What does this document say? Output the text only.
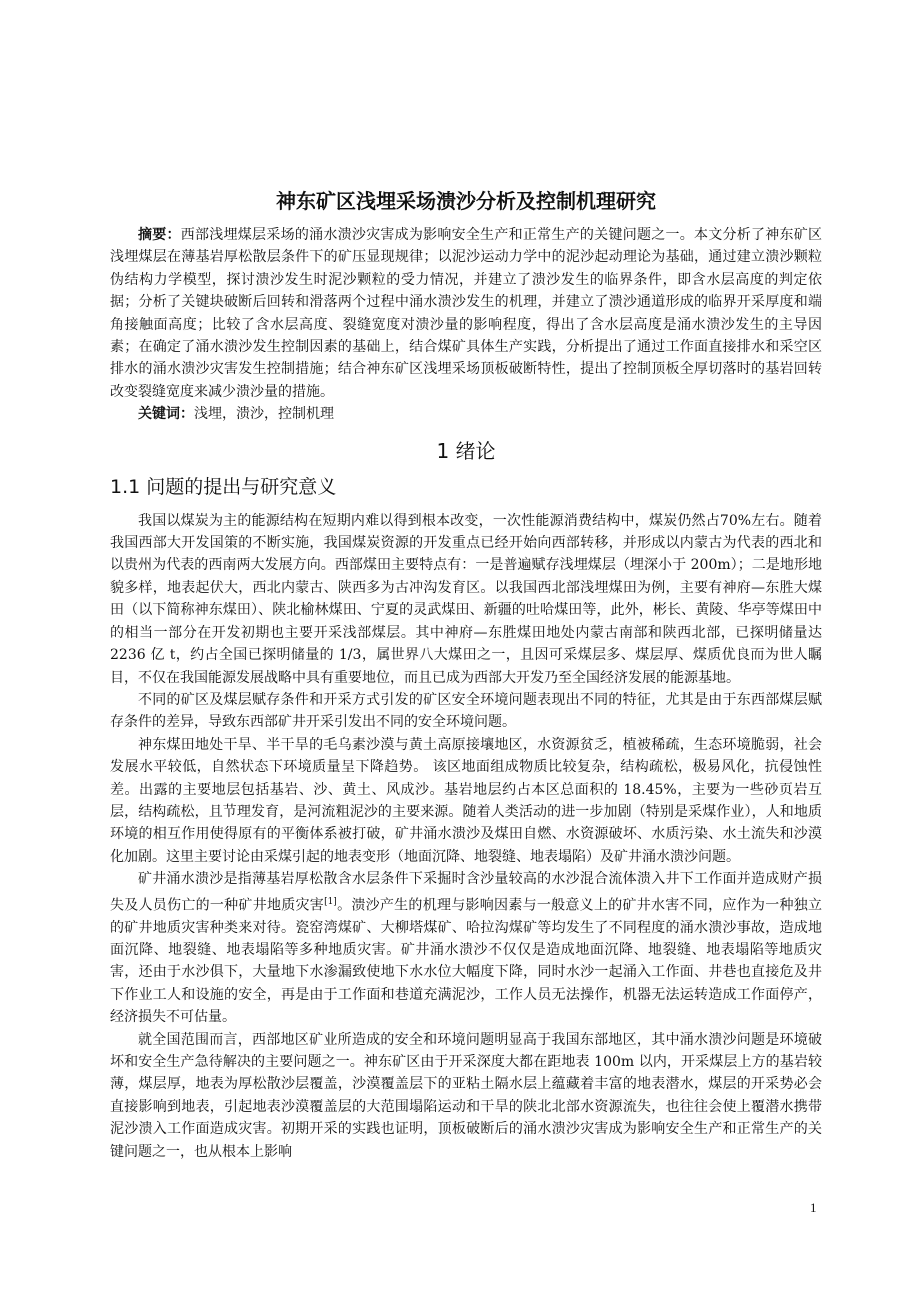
神东矿区浅埋采场溃沙分析及控制机理研究

摘要：西部浅埋煤层采场的涌水溃沙灾害成为影响安全生产和正常生产的关键问题之一。本文分析了神东矿区浅埋煤层在薄基岩厚松散层条件下的矿压显现规律；以泥沙运动力学中的泥沙起动理论为基础，通过建立溃沙颗粒伪结构力学模型，探讨溃沙发生时泥沙颗粒的受力情况，并建立了溃沙发生的临界条件，即含水层高度的判定依据；分析了关键块破断后回转和滑落两个过程中涌水溃沙发生的机理，并建立了溃沙通道形成的临界开采厚度和端角接触面高度；比较了含水层高度、裂缝宽度对溃沙量的影响程度，得出了含水层高度是涌水溃沙发生的主导因素；在确定了涌水溃沙发生控制因素的基础上，结合煤矿具体生产实践，分析提出了通过工作面直接排水和采空区排水的涌水溃沙灾害发生控制措施；结合神东矿区浅埋采场顶板破断特性，提出了控制顶板全厚切落时的基岩回转改变裂缝宽度来减少溃沙量的措施。

关键词：浅埋，溃沙，控制机理

1 绪论
1.1 问题的提出与研究意义

我国以煤炭为主的能源结构在短期内难以得到根本改变，一次性能源消费结构中，煤炭仍然占70%左右。随着我国西部大开发国策的不断实施，我国煤炭资源的开发重点已经开始向西部转移，并形成以内蒙古为代表的西北和以贵州为代表的西南两大发展方向。西部煤田主要特点有：一是普遍赋存浅埋煤层（埋深小于 200m）；二是地形地貌多样，地表起伏大，西北内蒙古、陕西多为古冲沟发育区。以我国西北部浅埋煤田为例，主要有神府—东胜大煤田（以下简称神东煤田）、陕北榆林煤田、宁夏的灵武煤田、新疆的吐哈煤田等，此外，彬长、黄陵、华亭等煤田中的相当一部分在开发初期也主要开采浅部煤层。其中神府—东胜煤田地处内蒙古南部和陕西北部，已探明储量达 2236 亿 t，约占全国已探明储量的 1/3，属世界八大煤田之一，且因可采煤层多、煤层厚、煤质优良而为世人瞩目，不仅在我国能源发展战略中具有重要地位，而且已成为西部大开发乃至全国经济发展的能源基地。

不同的矿区及煤层赋存条件和开采方式引发的矿区安全环境问题表现出不同的特征，尤其是由于东西部煤层赋存条件的差异，导致东西部矿井开采引发出不同的安全环境问题。

神东煤田地处干旱、半干旱的毛乌素沙漠与黄土高原接壤地区，水资源贫乏，植被稀疏，生态环境脆弱，社会发展水平较低，自然状态下环境质量呈下降趋势。 该区地面组成物质比较复杂，结构疏松，极易风化，抗侵蚀性差。出露的主要地层包括基岩、沙、黄土、风成沙。基岩地层约占本区总面积的 18.45%，主要为一些砂页岩互层，结构疏松，且节理发育，是河流粗泥沙的主要来源。随着人类活动的进一步加剧（特别是采煤作业），人和地质环境的相互作用使得原有的平衡体系被打破，矿井涌水溃沙及煤田自燃、水资源破坏、水质污染、水土流失和沙漠化加剧。这里主要讨论由采煤引起的地表变形（地面沉降、地裂缝、地表塌陷）及矿井涌水溃沙问题。

矿井涌水溃沙是指薄基岩厚松散含水层条件下采掘时含沙量较高的水沙混合流体溃入井下工作面并造成财产损失及人员伤亡的一种矿井地质灾害[1]。溃沙产生的机理与影响因素与一般意义上的矿井水害不同，应作为一种独立的矿井地质灾害种类来对待。瓷窑湾煤矿、大柳塔煤矿、哈拉沟煤矿等均发生了不同程度的涌水溃沙事故，造成地面沉降、地裂缝、地表塌陷等多种地质灾害。矿井涌水溃沙不仅仅是造成地面沉降、地裂缝、地表塌陷等地质灾害，还由于水沙俱下，大量地下水渗漏致使地下水水位大幅度下降，同时水沙一起涌入工作面、井巷也直接危及井下作业工人和设施的安全，再是由于工作面和巷道充满泥沙，工作人员无法操作，机器无法运转造成工作面停产，经济损失不可估量。

就全国范围而言，西部地区矿业所造成的安全和环境问题明显高于我国东部地区，其中涌水溃沙问题是环境破坏和安全生产急待解决的主要问题之一。神东矿区由于开采深度大都在距地表 100m 以内，开采煤层上方的基岩较薄，煤层厚，地表为厚松散沙层覆盖，沙漠覆盖层下的亚粘土隔水层上蕴藏着丰富的地表潜水，煤层的开采势必会直接影响到地表，引起地表沙漠覆盖层的大范围塌陷运动和干旱的陕北北部水资源流失，也往往会使上覆潜水携带泥沙溃入工作面造成灾害。初期开采的实践也证明，顶板破断后的涌水溃沙灾害成为影响安全生产和正常生产的关键问题之一，也从根本上影响

1
